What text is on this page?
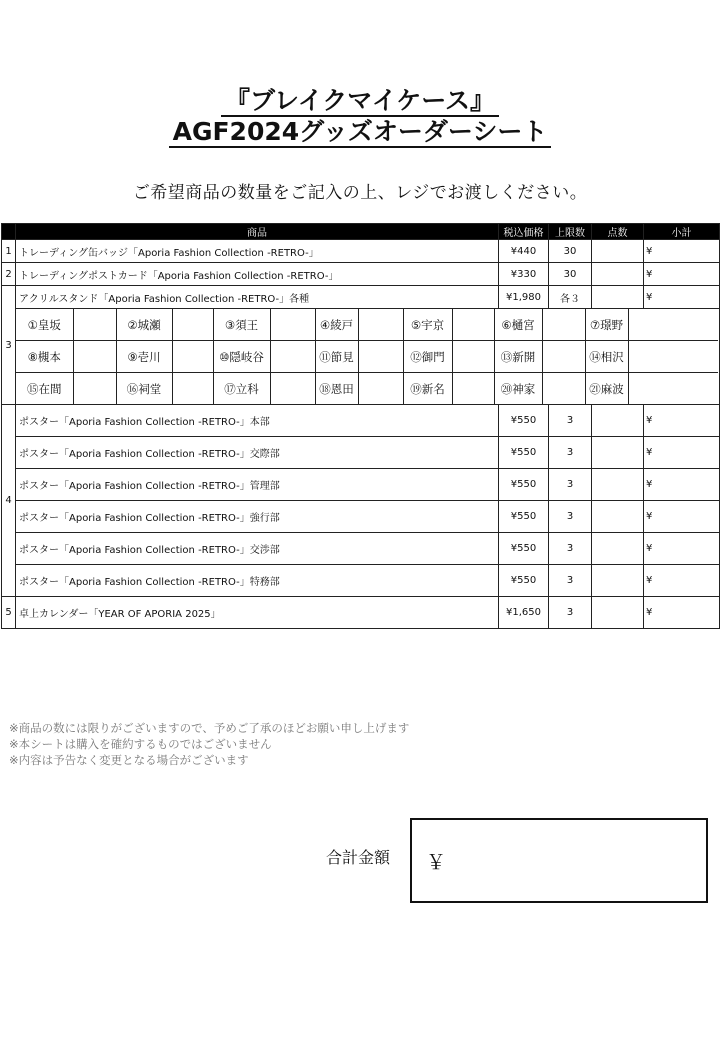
『ブレイクマイケース』
AGF2024グッズオーダーシート
ご希望商品の数量をご記入の上、レジでお渡しください。
	商品	税込価格	上限数	点数	小計
1	トレーディング缶バッジ「Aporia Fashion Collection -RETRO-」	¥440	30		¥
2	トレーディングポストカード「Aporia Fashion Collection -RETRO-」	¥330	30		¥
3	アクリルスタンド「Aporia Fashion Collection -RETRO-」各種	¥1,980	各３		¥

①皇坂		②城瀬		③須王		④綾戸		⑤宇京		⑥樋宮		⑦璟野	
⑧槻本		⑨壱川		⑩隠岐谷		⑪節見		⑫御門		⑬新開		⑭相沢	
⑮在間		⑯祠堂		⑰立科		⑱恩田		⑲新名		⑳神家		㉑麻波	

4	ポスター「Aporia Fashion Collection -RETRO-」本部	¥550	3		¥
ポスター「Aporia Fashion Collection -RETRO-」交際部	¥550	3		¥
ポスター「Aporia Fashion Collection -RETRO-」管理部	¥550	3		¥
ポスター「Aporia Fashion Collection -RETRO-」強行部	¥550	3		¥
ポスター「Aporia Fashion Collection -RETRO-」交渉部	¥550	3		¥
ポスター「Aporia Fashion Collection -RETRO-」特務部	¥550	3		¥
5	卓上カレンダー「YEAR OF APORIA 2025」	¥1,650	3		¥
※商品の数には限りがございますので、予めご了承のほどお願い申し上げます
※本シートは購入を確約するものではございません
※内容は予告なく変更となる場合がございます
合計金額 ￥
